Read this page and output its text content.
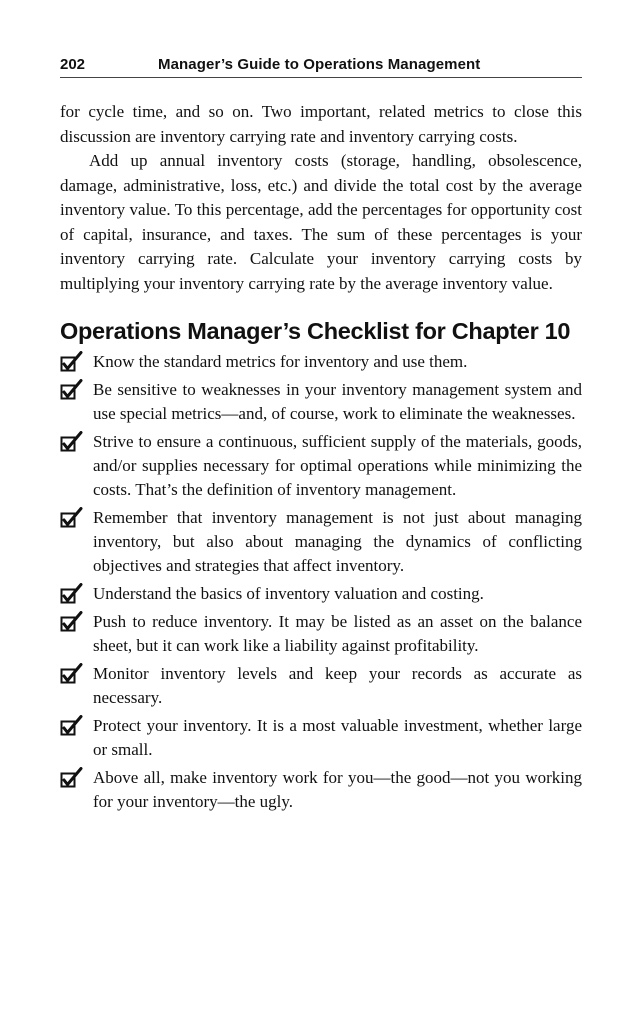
202	Manager’s Guide to Operations Management

for cycle time, and so on. Two important, related metrics to close this discussion are inventory carrying rate and inventory carrying costs.

Add up annual inventory costs (storage, handling, obsolescence, damage, administrative, loss, etc.) and divide the total cost by the average inventory value. To this percentage, add the percentages for opportunity cost of capital, insurance, and taxes. The sum of these percentages is your inventory carrying rate. Calculate your inventory carrying costs by multiplying your inventory carrying rate by the average inventory value.

Operations Manager’s Checklist for Chapter 10
Know the standard metrics for inventory and use them.
Be sensitive to weaknesses in your inventory management system and use special metrics—and, of course, work to eliminate the weaknesses.
Strive to ensure a continuous, sufficient supply of the materials, goods, and/or supplies necessary for optimal operations while minimizing the costs. That’s the definition of inventory management.
Remember that inventory management is not just about managing inventory, but also about managing the dynamics of conflicting objectives and strategies that affect inventory.
Understand the basics of inventory valuation and costing.
Push to reduce inventory. It may be listed as an asset on the balance sheet, but it can work like a liability against profitability.
Monitor inventory levels and keep your records as accurate as necessary.
Protect your inventory. It is a most valuable investment, whether large or small.
Above all, make inventory work for you—the good—not you working for your inventory—the ugly.
